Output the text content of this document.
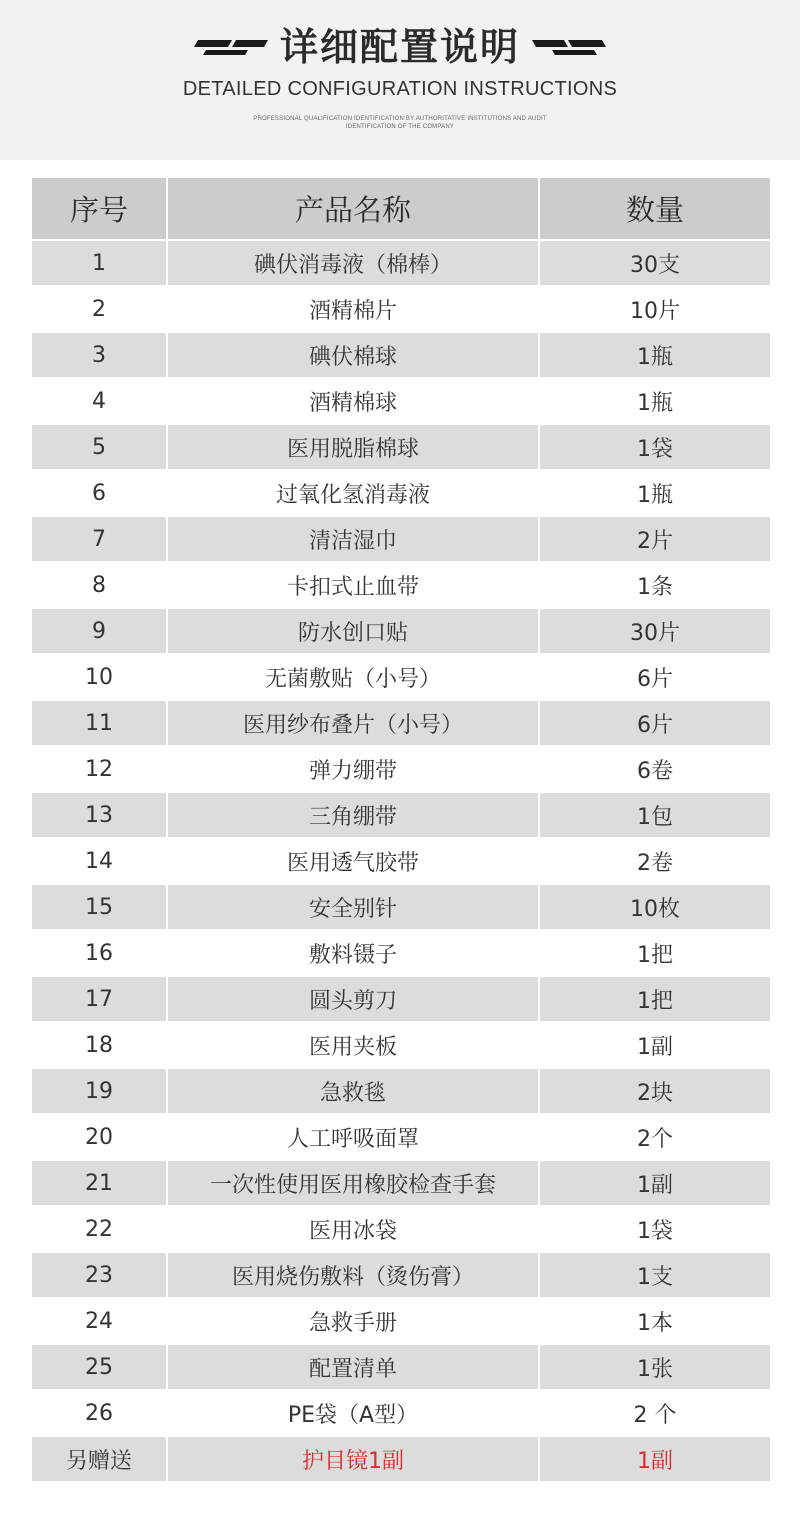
详细配置说明
DETAILED CONFIGURATION INSTRUCTIONS
PROFESSIONAL QUALIFICATION IDENTIFICATION BY AUTHORITATIVE INSTITUTIONS AND AUDIT
IDENTIFICATION OF THE COMPANY
序号	产品名称	数量
1	碘伏消毒液（棉棒）	30支
2	酒精棉片	10片
3	碘伏棉球	1瓶
4	酒精棉球	1瓶
5	医用脱脂棉球	1袋
6	过氧化氢消毒液	1瓶
7	清洁湿巾	2片
8	卡扣式止血带	1条
9	防水创口贴	30片
10	无菌敷贴（小号）	6片
11	医用纱布叠片（小号）	6片
12	弹力绷带	6卷
13	三角绷带	1包
14	医用透气胶带	2卷
15	安全别针	10枚
16	敷料镊子	1把
17	圆头剪刀	1把
18	医用夹板	1副
19	急救毯	2块
20	人工呼吸面罩	2个
21	一次性使用医用橡胶检查手套	1副
22	医用冰袋	1袋
23	医用烧伤敷料（烫伤膏）	1支
24	急救手册	1本
25	配置清单	1张
26	PE袋（A型）	2 个
另赠送	护目镜1副	1副
